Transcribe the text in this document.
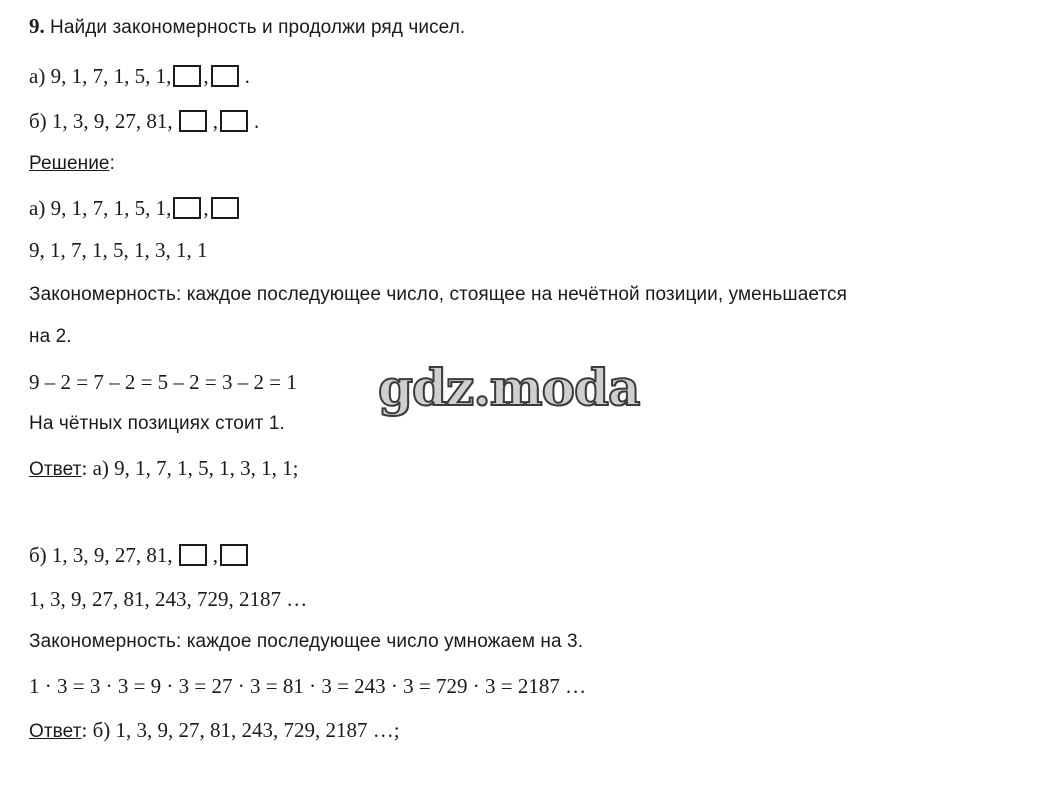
9. Найди закономерность и продолжи ряд чисел.
а) 9, 1, 7, 1, 5, 1, , .
б) 1, 3, 9, 27, 81, , .
Решение:
а) 9, 1, 7, 1, 5, 1, ,
9, 1, 7, 1, 5, 1, 3, 1, 1
Закономерность: каждое последующее число, стоящее на нечётной позиции, уменьшается
на 2.
9 – 2 = 7 – 2 = 5 – 2 = 3 – 2 = 1
На чётных позициях стоит 1.
Ответ: а) 9, 1, 7, 1, 5, 1, 3, 1, 1;
б) 1, 3, 9, 27, 81, ,
1, 3, 9, 27, 81, 243, 729, 2187 …
Закономерность: каждое последующее число умножаем на 3.
1 · 3 = 3 · 3 = 9 · 3 = 27 · 3 = 81 · 3 = 243 · 3 = 729 · 3 = 2187 …
Ответ: б) 1, 3, 9, 27, 81, 243, 729, 2187 …;
gdz.moda
